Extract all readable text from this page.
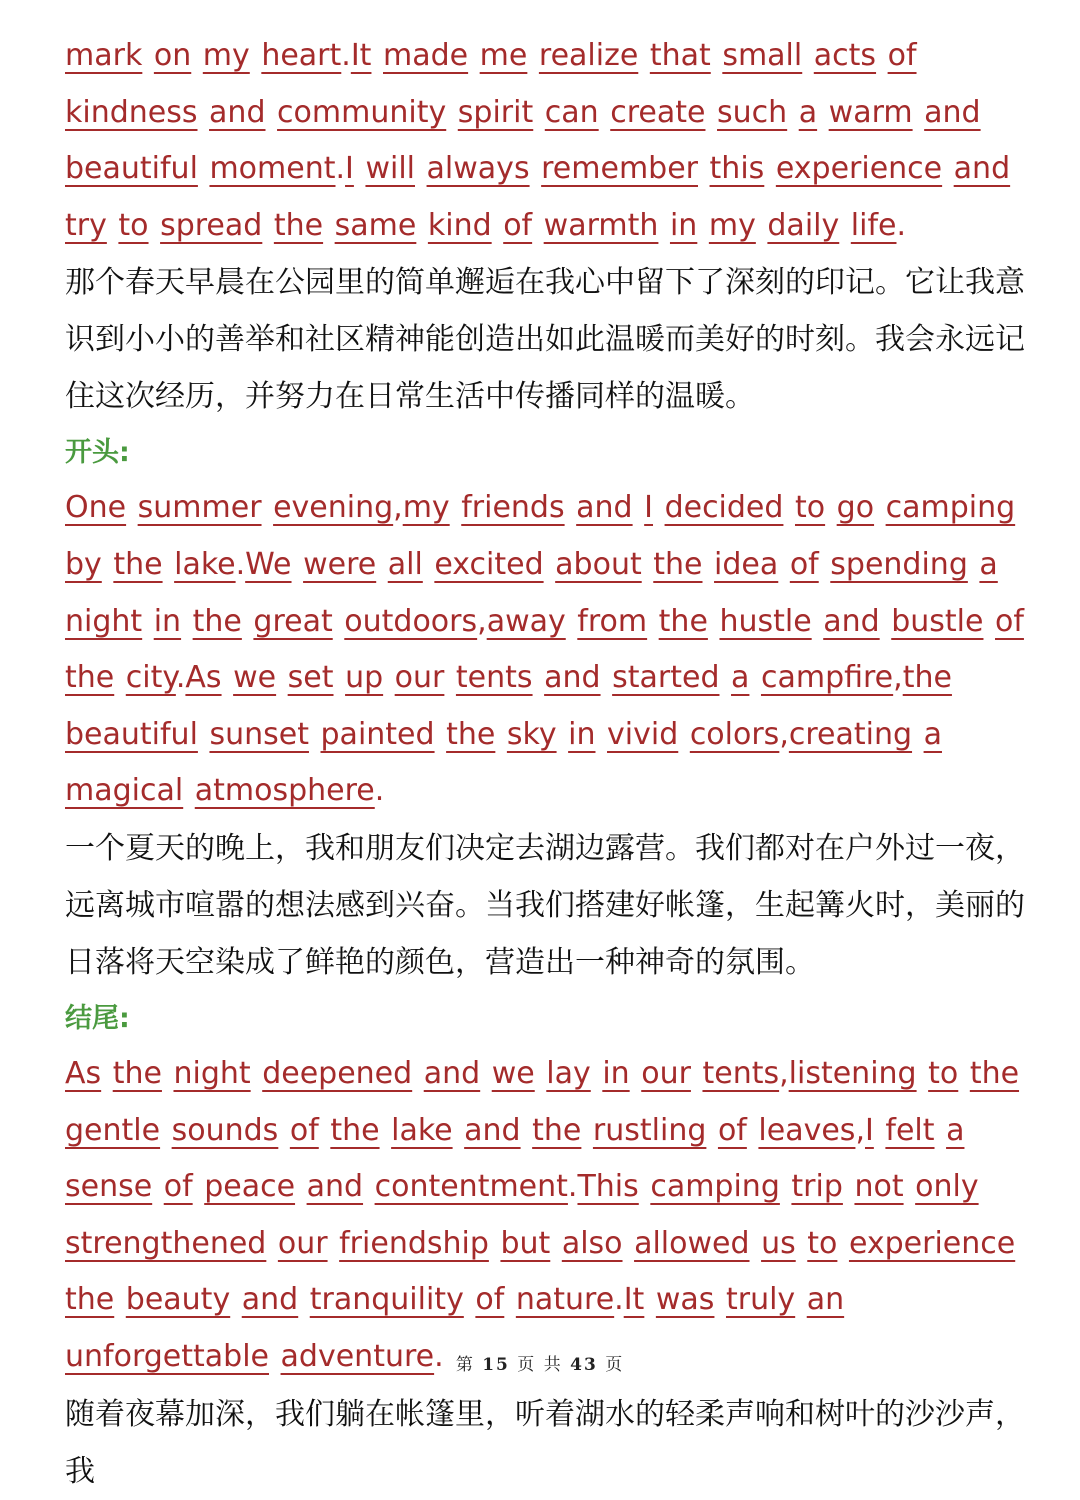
mark on my heart.It made me realize that small acts of kindness and community spirit can create such a warm and beautiful moment.I will always remember this experience and try to spread the same kind of warmth in my daily life.

那个春天早晨在公园里的简单邂逅在我心中留下了深刻的印记。它让我意识到小小的善举和社区精神能创造出如此温暖而美好的时刻。我会永远记住这次经历，并努力在日常生活中传播同样的温暖。

开头:

One summer evening,my friends and I decided to go camping by the lake.We were all excited about the idea of spending a night in the great outdoors,away from the hustle and bustle of the city.As we set up our tents and started a campfire,the beautiful sunset painted the sky in vivid colors,creating a magical atmosphere.

一个夏天的晚上，我和朋友们决定去湖边露营。我们都对在户外过一夜，远离城市喧嚣的想法感到兴奋。当我们搭建好帐篷，生起篝火时，美丽的日落将天空染成了鲜艳的颜色，营造出一种神奇的氛围。

结尾:

As the night deepened and we lay in our tents,listening to the gentle sounds of the lake and the rustling of leaves,I felt a sense of peace and contentment.This camping trip not only strengthened our friendship but also allowed us to experience the beauty and tranquility of nature.It was truly an unforgettable adventure.

随着夜幕加深，我们躺在帐篷里，听着湖水的轻柔声响和树叶的沙沙声，我

第 15 页 共 43 页
